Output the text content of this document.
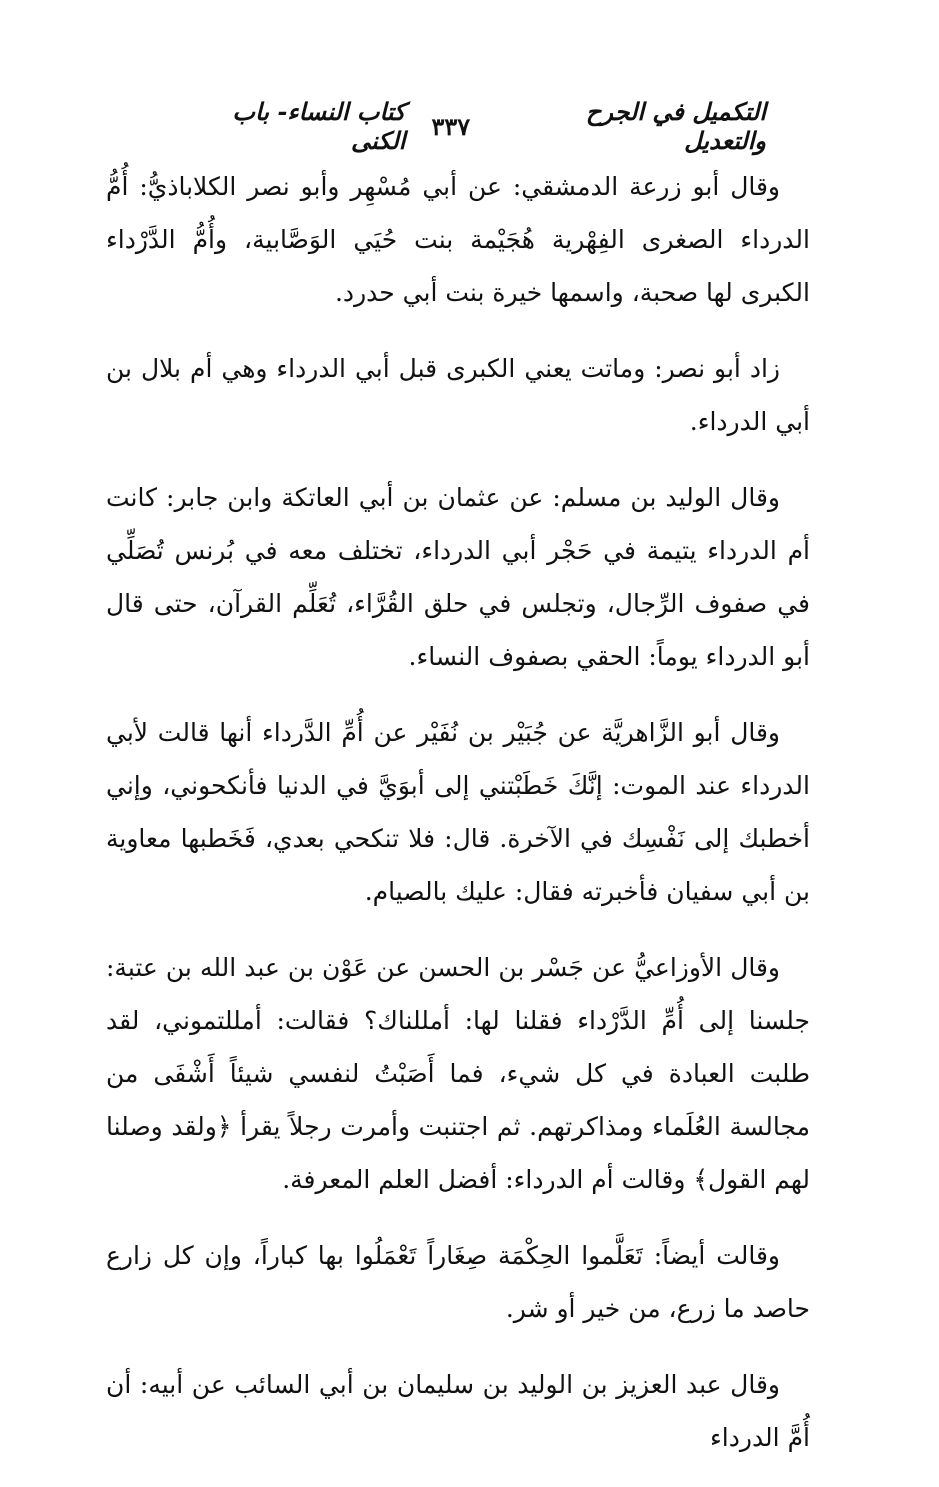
التكميل في الجرح والتعديل
٣٣٧
كتاب النساء- باب الكنى

وقال أبو زرعة الدمشقي: عن أبي مُسْهِر وأبو نصر الكلاباذيُّ: أُمُّ الدرداء الصغرى الفِهْرية هُجَيْمة بنت حُيَي الوَصَّابية، وأُمُّ الدَّرْداء الكبرى لها صحبة، واسمها خيرة بنت أبي حدرد.

زاد أبو نصر: وماتت يعني الكبرى قبل أبي الدرداء وهي أم بلال بن أبي الدرداء.

وقال الوليد بن مسلم: عن عثمان بن أبي العاتكة وابن جابر: كانت أم الدرداء يتيمة في حَجْر أبي الدرداء، تختلف معه في بُرنس تُصَلِّي في صفوف الرِّجال، وتجلس في حلق القُرَّاء، تُعَلِّم القرآن، حتى قال أبو الدرداء يوماً: الحقي بصفوف النساء.

وقال أبو الزَّاهريَّة عن جُبَيْر بن نُفَيْر عن أُمِّ الدَّرداء أنها قالت لأبي الدرداء عند الموت: إنَّكَ خَطَبْتني إلى أبوَيَّ في الدنيا فأنكحوني، وإني أخطبك إلى نَفْسِك في الآخرة. قال: فلا تنكحي بعدي، فَخَطبها معاوية بن أبي سفيان فأخبرته فقال: عليك بالصيام.

وقال الأوزاعيُّ عن جَسْر بن الحسن عن عَوْن بن عبد الله بن عتبة: جلسنا إلى أُمِّ الدَّرْداء فقلنا لها: أمللناك؟ فقالت: أمللتموني، لقد طلبت العبادة في كل شيء، فما أَصَبْتُ لنفسي شيئاً أَشْفَى من مجالسة العُلَماء ومذاكرتهم. ثم اجتنبت وأمرت رجلاً يقرأ ﴿ولقد وصلنا لهم القول﴾ وقالت أم الدرداء: أفضل العلم المعرفة.

وقالت أيضاً: تَعَلَّموا الحِكْمَة صِغَاراً تَعْمَلُوا بها كباراً، وإن كل زارع حاصد ما زرع، من خير أو شر.

وقال عبد العزيز بن الوليد بن سليمان بن أبي السائب عن أبيه: أن أُمَّ الدرداء
